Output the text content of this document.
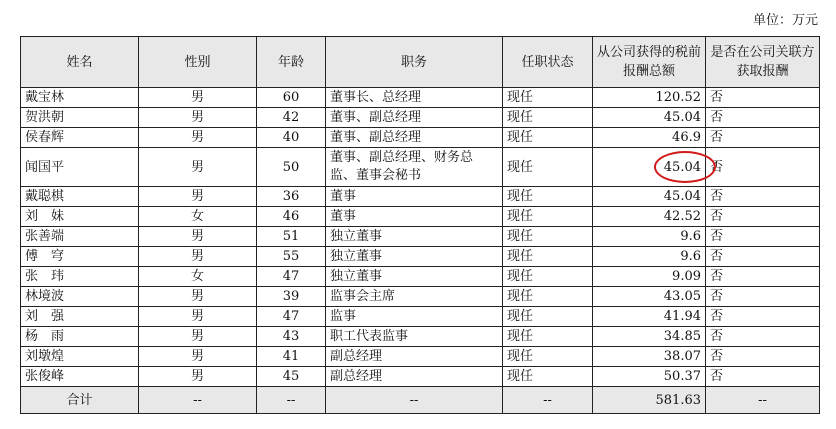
单位：万元
姓名	性别	年龄	职务	任职状态	从公司获得的税前报酬总额	是否在公司关联方获取报酬
戴宝林	男	60	董事长、总经理	现任	120.52	否
贺洪朝	男	42	董事、副总经理	现任	45.04	否
侯春辉	男	40	董事、副总经理	现任	46.9	否
闻国平	男	50	董事、副总经理、财务总监、董事会秘书	现任	45.04	否
戴聪棋	男	36	董事	现任	45.04	否
刘　妹	女	46	董事	现任	42.52	否
张善端	男	51	独立董事	现任	9.6	否
傅　穹	男	55	独立董事	现任	9.6	否
张　玮	女	47	独立董事	现任	9.09	否
林境波	男	39	监事会主席	现任	43.05	否
刘　强	男	47	监事	现任	41.94	否
杨　雨	男	43	职工代表监事	现任	34.85	否
刘墩煌	男	41	副总经理	现任	38.07	否
张俊峰	男	45	副总经理	现任	50.37	否
合计	--	--	--	--	581.63	--
